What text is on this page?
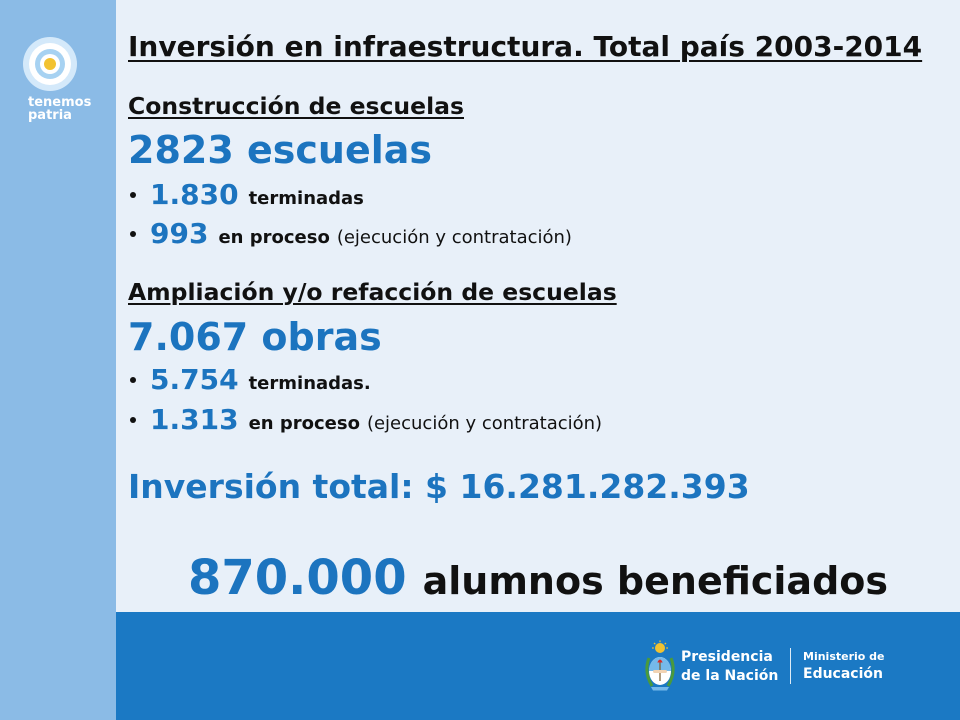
tenemos
patria
Inversión en infraestructura. Total país 2003-2014
Construcción de escuelas
2823 escuelas
1.830 terminadas
993 en proceso (ejecución y contratación)
Ampliación y/o refacción de escuelas
7.067 obras
5.754 terminadas.
1.313 en proceso (ejecución y contratación)
Inversión total: $ 16.281.282.393
870.000 alumnos beneficiados
Presidencia
de la Nación
Ministerio de
Educación
